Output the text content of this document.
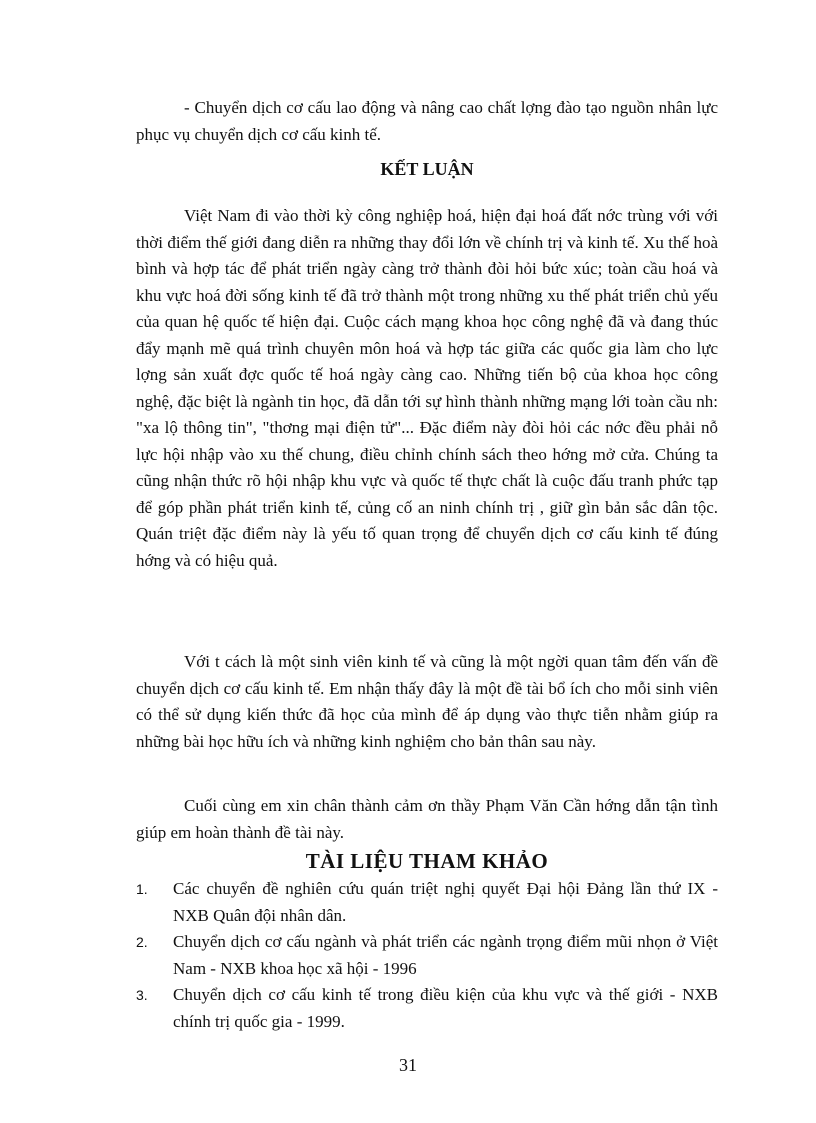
- Chuyển dịch cơ cấu lao động và nâng cao chất lợng đào tạo nguồn nhân lực phục vụ chuyển dịch cơ cấu kinh tế.

KẾT LUẬN

Việt Nam đi vào thời kỳ công nghiệp hoá, hiện đại hoá đất nớc trùng với với thời điểm thế giới đang diễn ra những thay đổi lớn về chính trị và kinh tế. Xu thế hoà bình và hợp tác để phát triển ngày càng trở thành đòi hỏi bức xúc; toàn cầu hoá và khu vực hoá đời sống kinh tế đã trở thành một trong những xu thế phát triển chủ yếu của quan hệ quốc tế hiện đại. Cuộc cách mạng khoa học công nghệ đã và đang thúc đẩy mạnh mẽ quá trình chuyên môn hoá và hợp tác giữa các quốc gia làm cho lực lợng sản xuất đợc quốc tế hoá ngày càng cao. Những tiến bộ của khoa học công nghệ, đặc biệt là ngành tin học, đã dẫn tới sự hình thành những mạng lới toàn cầu nh: "xa lộ thông tin", "thơng mại điện tử"... Đặc điểm này đòi hỏi các nớc đều phải nỗ lực hội nhập vào xu thế chung, điều chỉnh chính sách theo hớng mở cửa. Chúng ta cũng nhận thức rõ hội nhập khu vực và quốc tế thực chất là cuộc đấu tranh phức tạp để góp phần phát triển kinh tế, củng cố an ninh chính trị , giữ gìn bản sắc dân tộc. Quán triệt đặc điểm này là yếu tố quan trọng để chuyển dịch cơ cấu kinh tế đúng hớng và có hiệu quả.

Với t cách là một sinh viên kinh tế và cũng là một ngời quan tâm đến vấn đề chuyển dịch cơ cấu kinh tế. Em nhận thấy đây là một đề tài bổ ích cho mỗi sinh viên có thể sử dụng kiến thức đã học của mình để áp dụng vào thực tiễn nhằm giúp ra những bài học hữu ích và những kinh nghiệm cho bản thân sau này.

Cuối cùng em xin chân thành cảm ơn thầy Phạm Văn Cần hớng dẫn tận tình giúp em hoàn thành đề tài này.

TÀI LIỆU THAM KHẢO
1. Các chuyển đề nghiên cứu quán triệt nghị quyết Đại hội Đảng lần thứ IX - NXB Quân đội nhân dân.
2. Chuyển dịch cơ cấu ngành và phát triển các ngành trọng điểm mũi nhọn ở Việt Nam - NXB khoa học xã hội - 1996
3. Chuyển dịch cơ cấu kinh tế trong điều kiện của khu vực và thế giới - NXB chính trị quốc gia - 1999.
31
